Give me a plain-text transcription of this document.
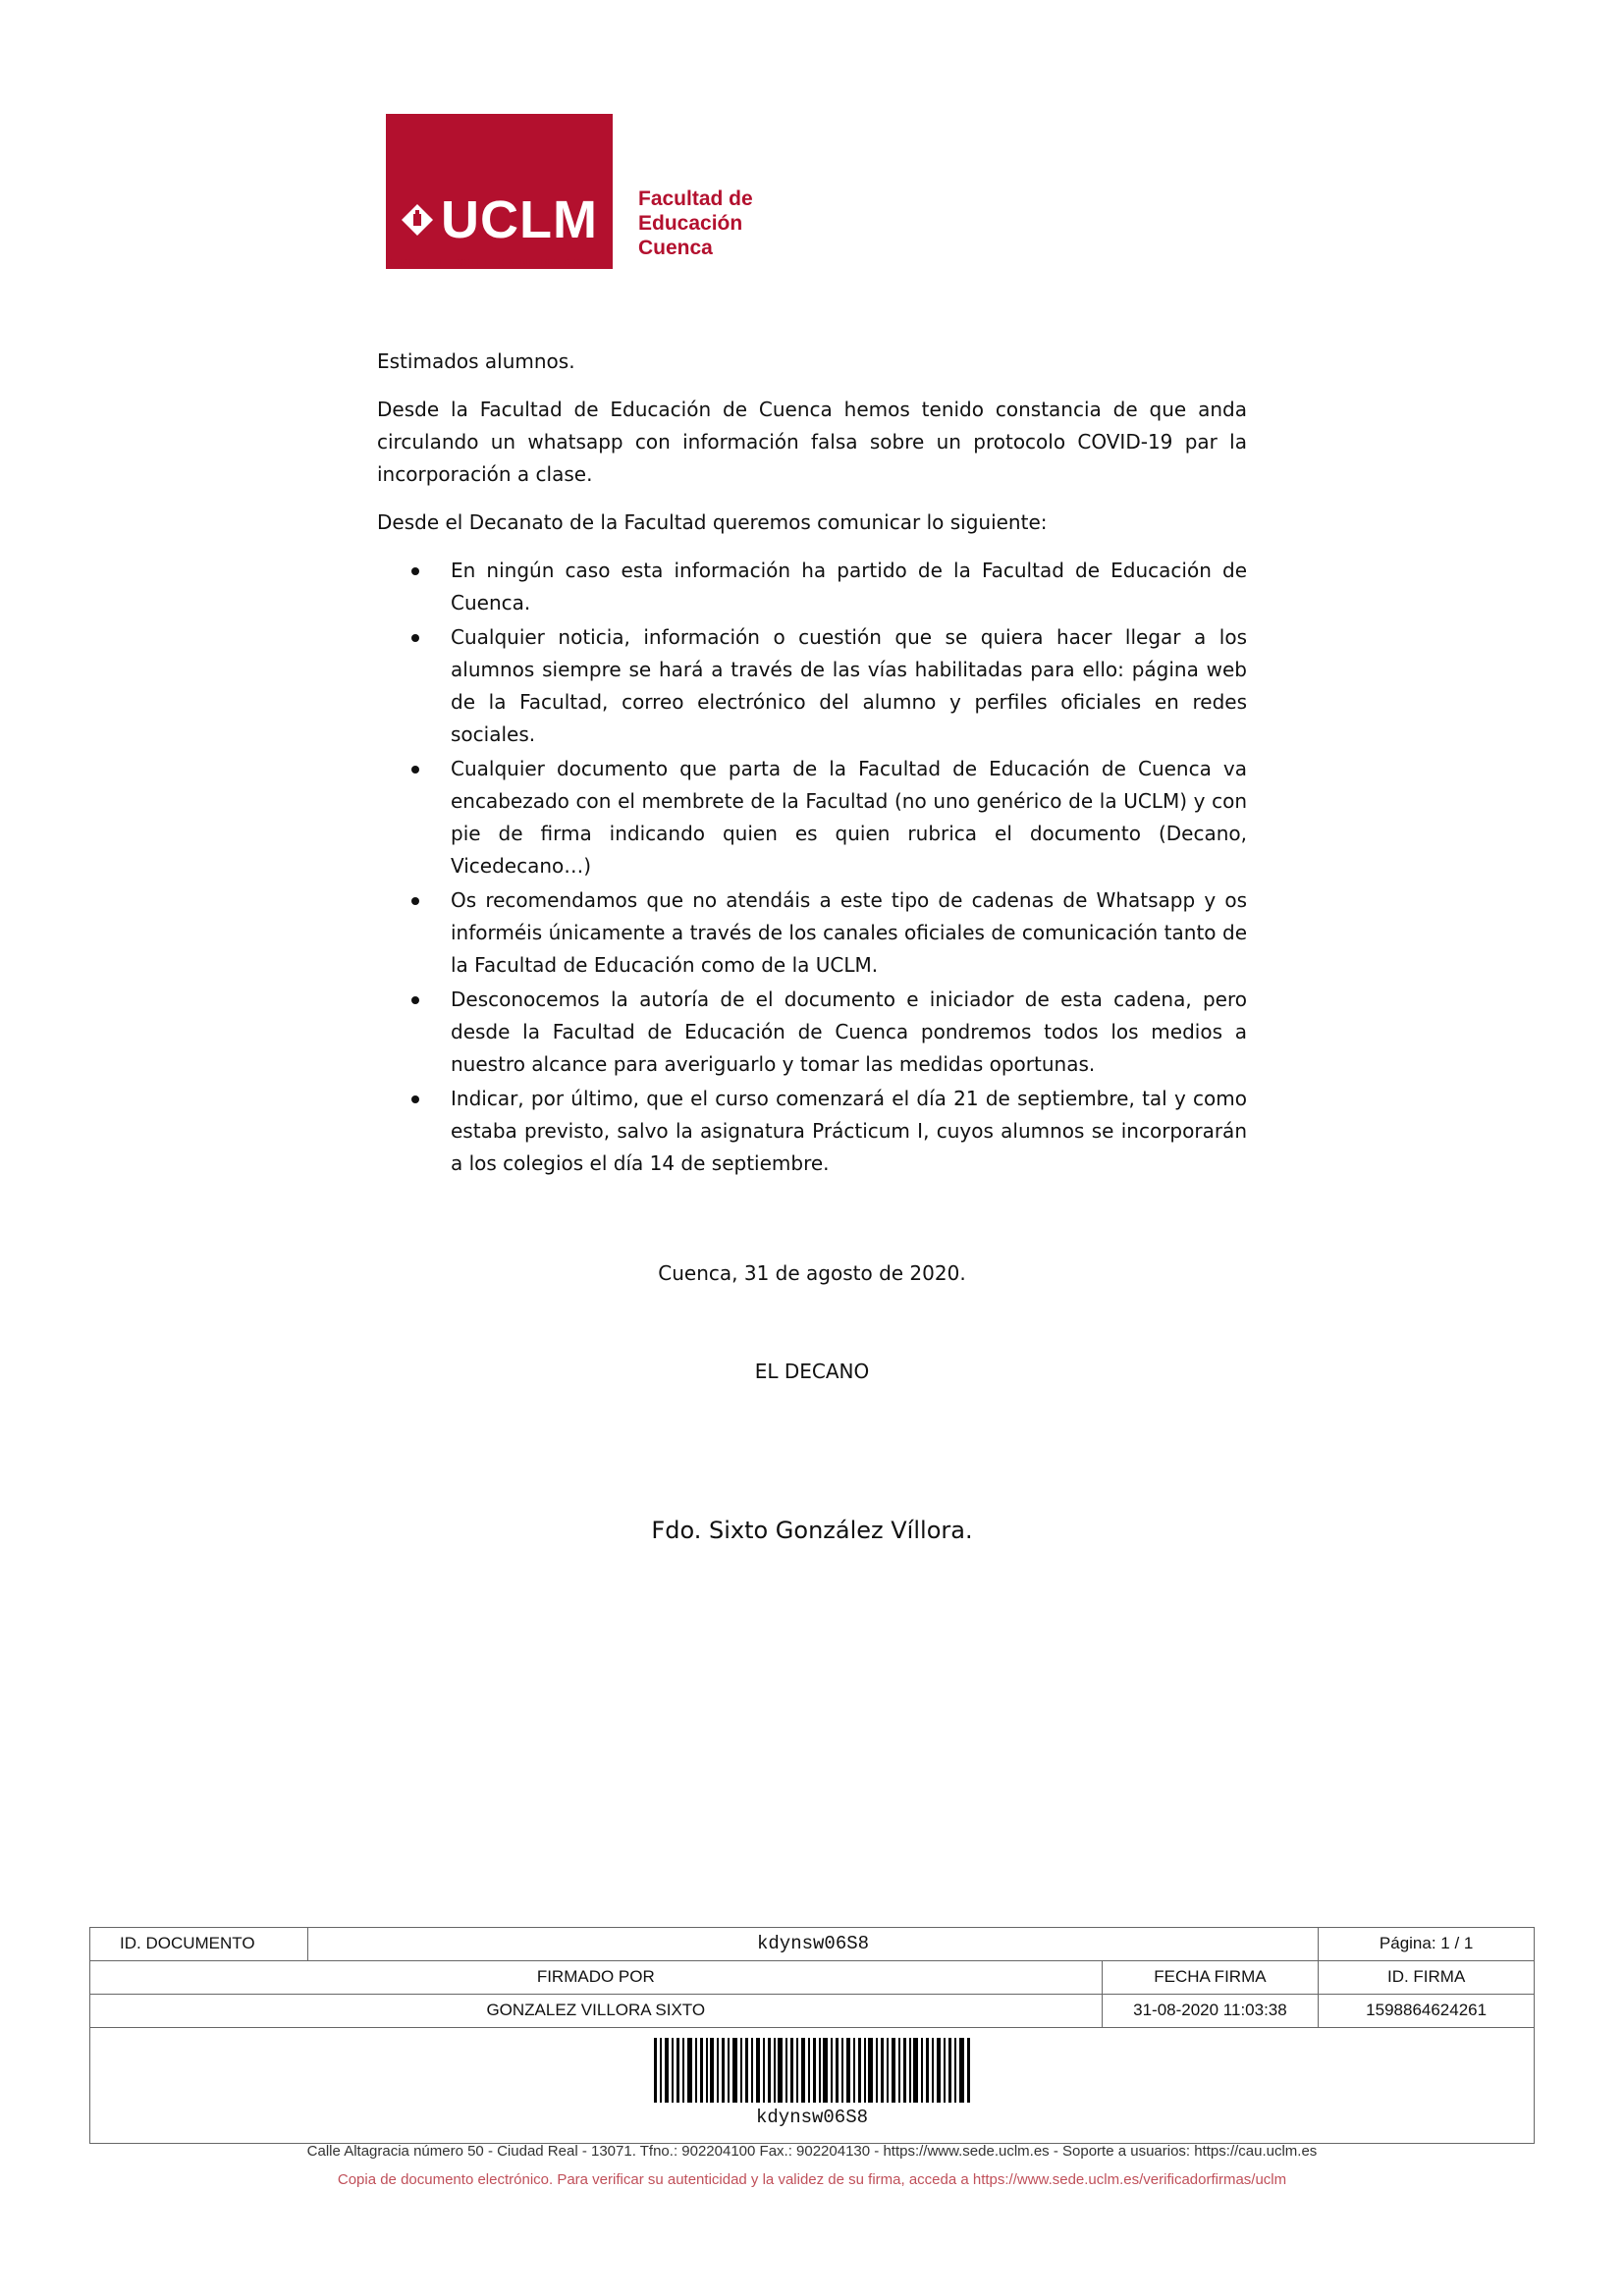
UCLM
CAMPUS DE EXCELENCIA INTERNACIONAL
Facultad de
Educación
Cuenca

Estimados alumnos.

Desde la Facultad de Educación de Cuenca hemos tenido constancia de que anda circulando un whatsapp con información falsa sobre un protocolo COVID-19 par la incorporación a clase.

Desde el Decanato de la Facultad queremos comunicar lo siguiente:

En ningún caso esta información ha partido de la Facultad de Educación de Cuenca.
Cualquier noticia, información o cuestión que se quiera hacer llegar a los alumnos siempre se hará a través de las vías habilitadas para ello: página web de la Facultad, correo electrónico del alumno y perfiles oficiales en redes sociales.
Cualquier documento que parta de la Facultad de Educación de Cuenca va encabezado con el membrete de la Facultad (no uno genérico de la UCLM) y con pie de firma indicando quien es quien rubrica el documento (Decano, Vicedecano…)
Os recomendamos que no atendáis a este tipo de cadenas de Whatsapp y os informéis únicamente a través de los canales oficiales de comunicación tanto de la Facultad de Educación como de la UCLM.
Desconocemos la autoría de el documento e iniciador de esta cadena, pero desde la Facultad de Educación de Cuenca pondremos todos los medios a nuestro alcance para averiguarlo y tomar las medidas oportunas.
Indicar, por último, que el curso comenzará el día 21 de septiembre, tal y como estaba previsto, salvo la asignatura Prácticum I, cuyos alumnos se incorporarán a los colegios el día 14 de septiembre.
Cuenca, 31 de agosto de 2020.
EL DECANO
Fdo. Sixto González Víllora.
ID. DOCUMENTO	kdynsw06S8	Página: 1 / 1
FIRMADO POR	FECHA FIRMA	ID. FIRMA
GONZALEZ VILLORA SIXTO	31-08-2020 11:03:38	1598864624261
kdynsw06S8
Calle Altagracia número 50 - Ciudad Real - 13071. Tfno.: 902204100 Fax.: 902204130 - https://www.sede.uclm.es - Soporte a usuarios: https://cau.uclm.es
Copia de documento electrónico. Para verificar su autenticidad y la validez de su firma, acceda a https://www.sede.uclm.es/verificadorfirmas/uclm
